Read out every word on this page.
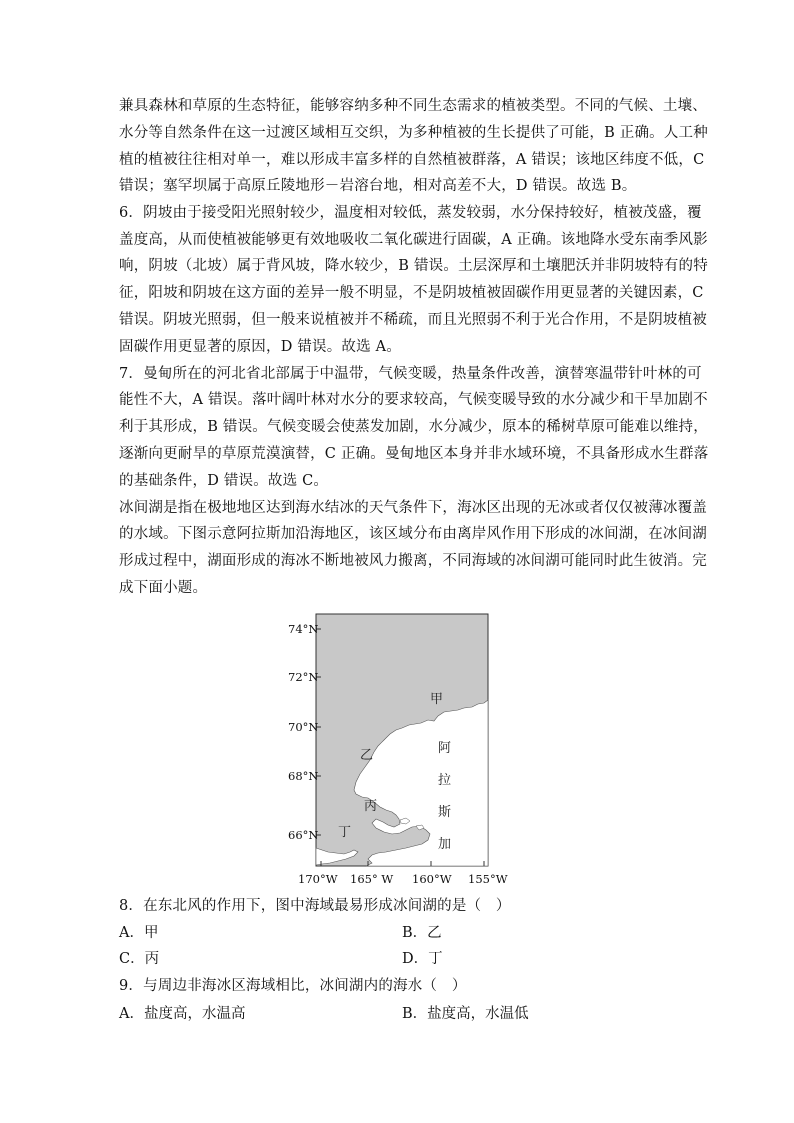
兼具森林和草原的生态特征，能够容纳多种不同生态需求的植被类型。不同的气候、土壤、
水分等自然条件在这一过渡区域相互交织，为多种植被的生长提供了可能，B 正确。人工种
植的植被往往相对单一，难以形成丰富多样的自然植被群落，A 错误；该地区纬度不低，C
错误；塞罕坝属于高原丘陵地形－岩溶台地，相对高差不大，D 错误。故选 B。
6．阴坡由于接受阳光照射较少，温度相对较低，蒸发较弱，水分保持较好，植被茂盛，覆
盖度高，从而使植被能够更有效地吸收二氧化碳进行固碳，A 正确。该地降水受东南季风影
响，阴坡（北坡）属于背风坡，降水较少，B 错误。土层深厚和土壤肥沃并非阴坡特有的特
征，阳坡和阴坡在这方面的差异一般不明显，不是阴坡植被固碳作用更显著的关键因素，C
错误。阴坡光照弱，但一般来说植被并不稀疏，而且光照弱不利于光合作用，不是阴坡植被
固碳作用更显著的原因，D 错误。故选 A。
7．曼甸所在的河北省北部属于中温带，气候变暖，热量条件改善，演替寒温带针叶林的可
能性不大，A 错误。落叶阔叶林对水分的要求较高，气候变暖导致的水分减少和干旱加剧不
利于其形成，B 错误。气候变暖会使蒸发加剧，水分减少，原本的稀树草原可能难以维持，
逐渐向更耐旱的草原荒漠演替，C 正确。曼甸地区本身并非水域环境，不具备形成水生群落
的基础条件，D 错误。故选 C。
冰间湖是指在极地地区达到海水结冰的天气条件下，海冰区出现的无冰或者仅仅被薄冰覆盖
的水域。下图示意阿拉斯加沿海地区，该区域分布由离岸风作用下形成的冰间湖，在冰间湖
形成过程中，湖面形成的海冰不断地被风力搬离，不同海域的冰间湖可能同时此生彼消。完
成下面小题。
74°N
72°N
70°N
68°N
66°N
170°W 165° W 160°W 155°W
甲
乙
丙
丁
阿
拉
斯
加
8．在东北风的作用下，图中海域最易形成冰间湖的是（　）
A．甲	B．乙
C．丙	D．丁
9．与周边非海冰区海域相比，冰间湖内的海水（　）
A．盐度高，水温高	B．盐度高，水温低
